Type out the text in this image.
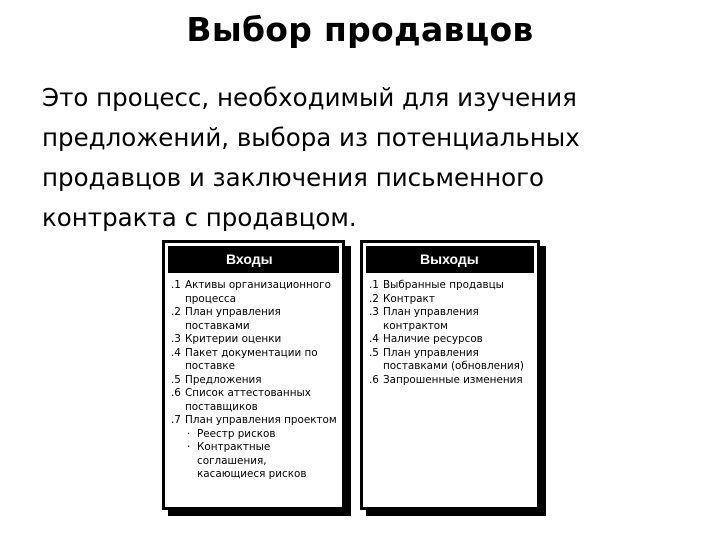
Выбор продавцов
Это процесс, необходимый для изучения предложений, выбора из потенциальных продавцов и заключения письменного контракта с продавцом.
Входы
.1 Активы организационного процесса
.2 План управления поставками
.3 Критерии оценки
.4 Пакет документации по поставке
.5 Предложения
.6 Список аттестованных поставщиков
.7 План управления проектом
· Реестр рисков
· Контрактные соглашения, касающиеся рисков
Выходы
.1 Выбранные продавцы
.2 Контракт
.3 План управления контрактом
.4 Наличие ресурсов
.5 План управления поставками (обновления)
.6 Запрошенные изменения
